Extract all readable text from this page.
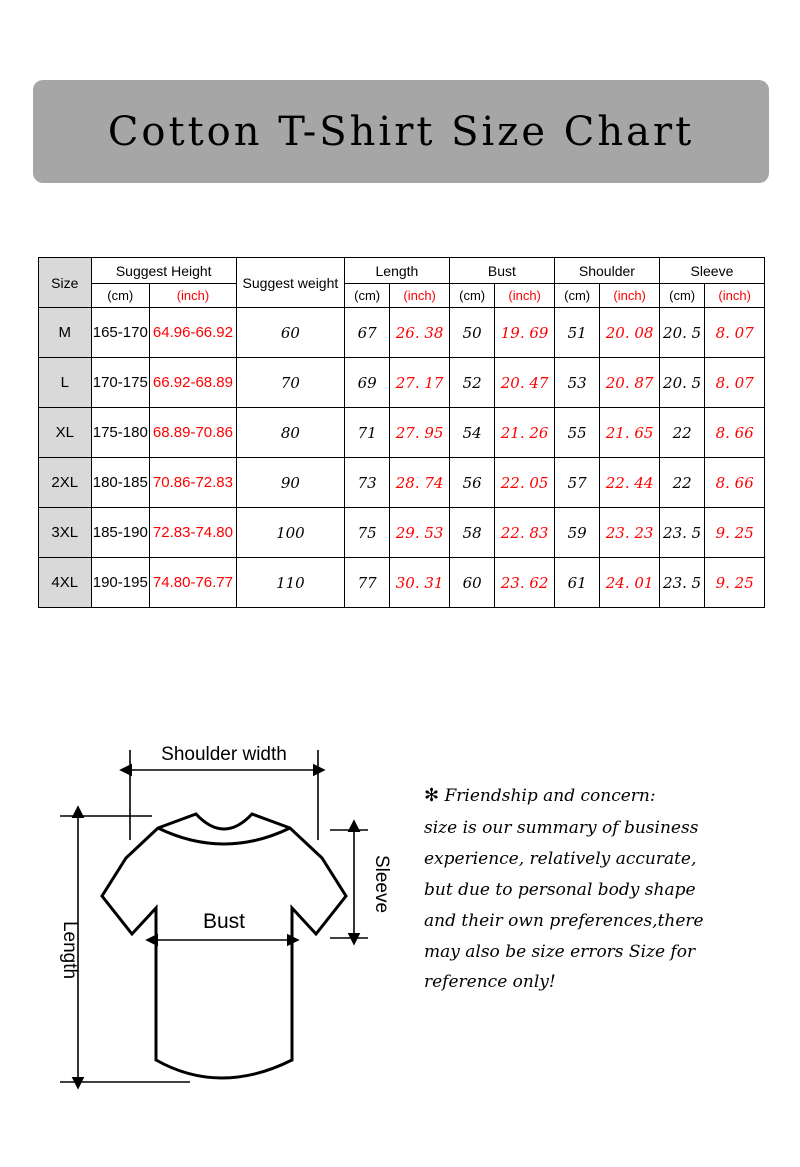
Cotton T-Shirt Size Chart
Size	Suggest Height		Suggest weight	Length		Bust		Shoulder		Sleeve	
	(cm)	(inch)		(cm)	(inch)	(cm)	(inch)	(cm)	(inch)	(cm)	(inch)
M	165-170	64.96-66.92	60	67	26. 38	50	19. 69	51	20. 08	20. 5	8. 07
L	170-175	66.92-68.89	70	69	27. 17	52	20. 47	53	20. 87	20. 5	8. 07
XL	175-180	68.89-70.86	80	71	27. 95	54	21. 26	55	21. 65	22	8. 66
2XL	180-185	70.86-72.83	90	73	28. 74	56	22. 05	57	22. 44	22	8. 66
3XL	185-190	72.83-74.80	100	75	29. 53	58	22. 83	59	23. 23	23. 5	9. 25
4XL	190-195	74.80-76.77	110	77	30. 31	60	23. 62	61	24. 01	23. 5	9. 25
Shoulder width
Bust
Sleeve
Length
✻ Friendship and concern:
size is our summary of business
experience, relatively accurate,
but due to personal body shape
and their own preferences,there
may also be size errors Size for
reference only!
